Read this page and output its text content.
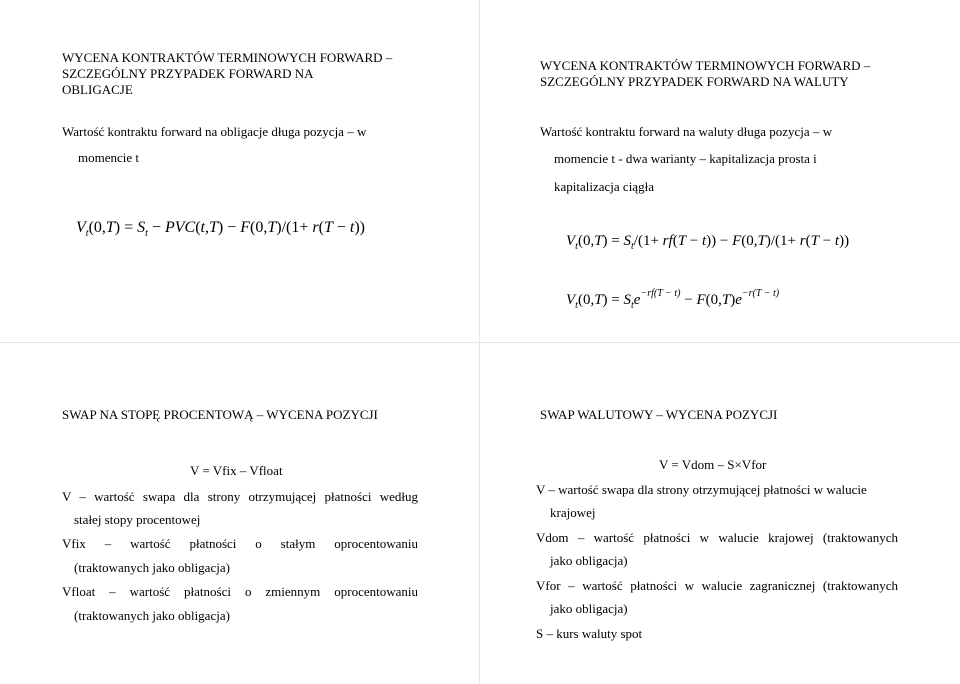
WYCENA KONTRAKTÓW TERMINOWYCH FORWARD –
SZCZEGÓLNY PRZYPADEK FORWARD NA
OBLIGACJE
Wartość kontraktu forward na obligacje długa pozycja – w
momencie t
$V_t(0,T) = S_t - PVC(t,T) - F(0,T)/(1+ r(T - t))$
WYCENA KONTRAKTÓW TERMINOWYCH FORWARD –
SZCZEGÓLNY PRZYPADEK FORWARD NA WALUTY
Wartość kontraktu forward na waluty długa pozycja – w
momencie t - dwa warianty – kapitalizacja prosta i
kapitalizacja ciągła
$V_t(0,T) = S_t/(1+ rf(T - t)) - F(0,T)/(1+ r(T - t))$
$V_t(0,T) = S_te^{-rf(T - t)} - F(0,T)e^{-r(T - t)}$
SWAP NA STOPĘ PROCENTOWĄ – WYCENA POZYCJI
V = Vfix – Vfloat
V – wartość swapa dla strony otrzymującej płatności według
stałej stopy procentowej
Vfix – wartość płatności o stałym oprocentowaniu
(traktowanych jako obligacja)
Vfloat – wartość płatności o zmiennym oprocentowaniu
(traktowanych jako obligacja)
SWAP WALUTOWY – WYCENA POZYCJI
V = Vdom – S×Vfor
V – wartość swapa dla strony otrzymującej płatności w walucie
krajowej
Vdom – wartość płatności w walucie krajowej (traktowanych
jako obligacja)
Vfor – wartość płatności w walucie zagranicznej (traktowanych
jako obligacja)
S – kurs waluty spot
